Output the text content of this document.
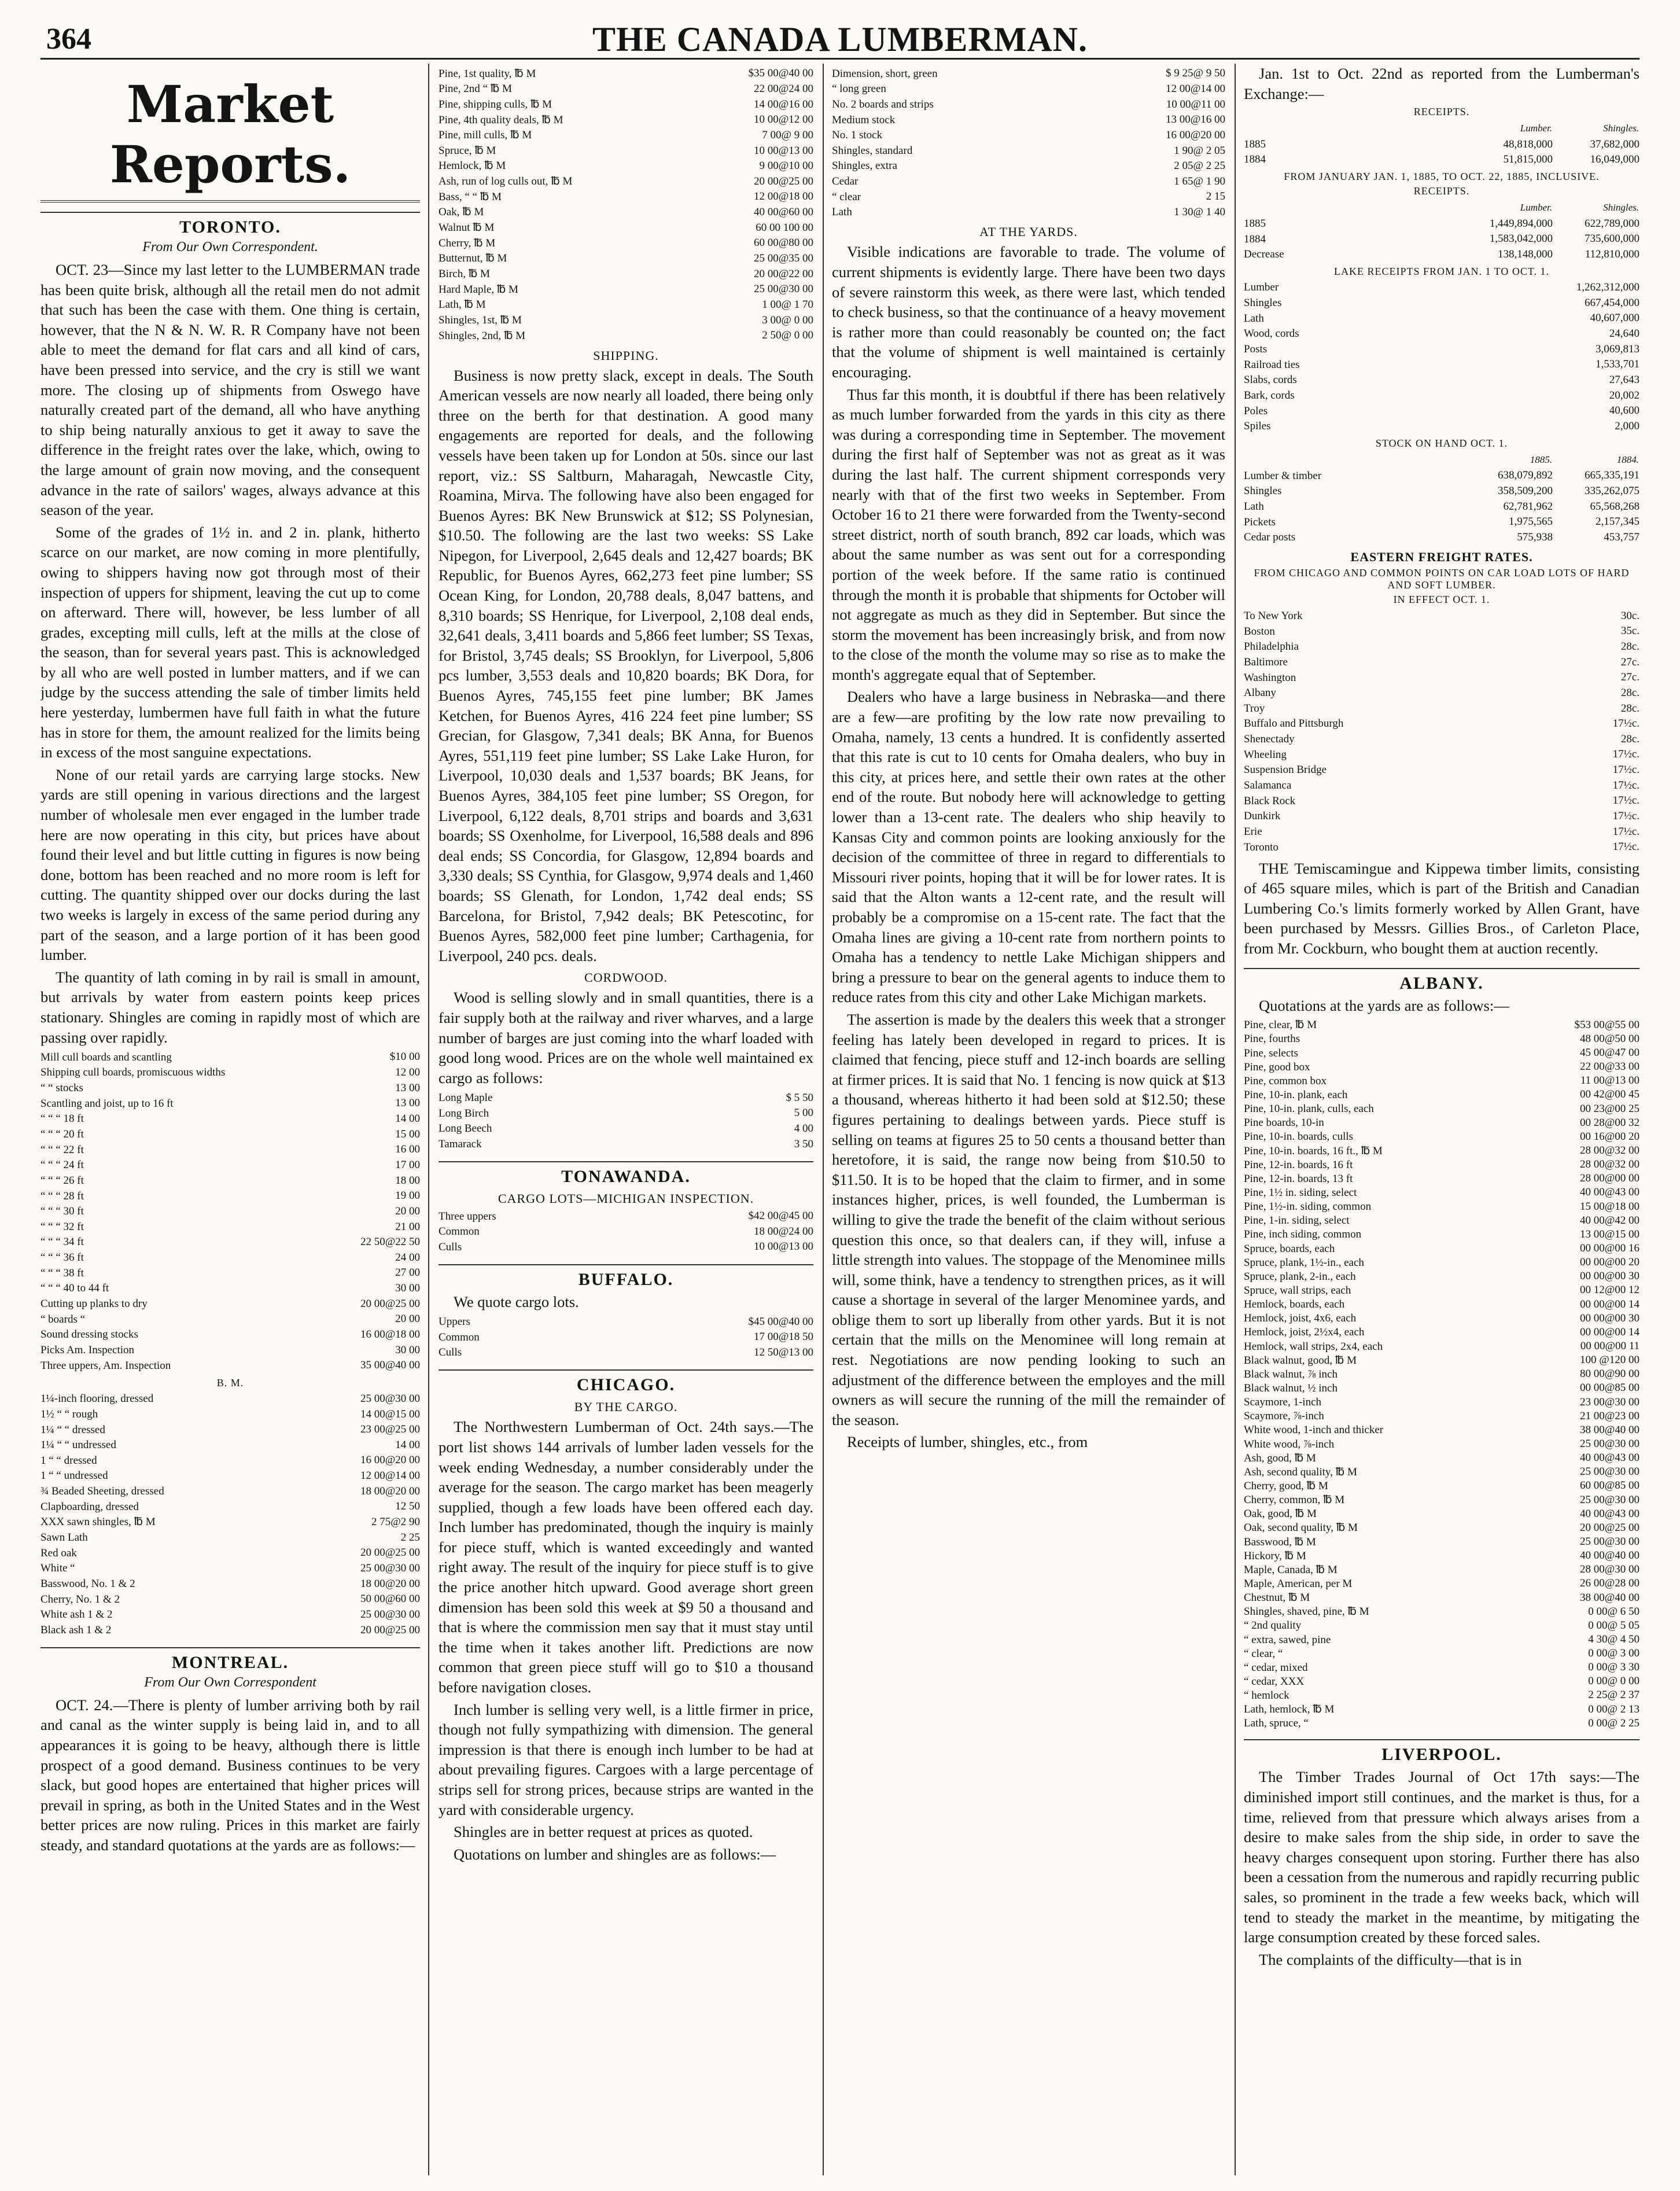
364	THE CANADA LUMBERMAN.
Market Reports.
TORONTO.
From Our Own Correspondent.

OCT. 23—Since my last letter to the LUMBERMAN trade has been quite brisk, although all the retail men do not admit that such has been the case with them. One thing is certain, however, that the N & N. W. R. R Company have not been able to meet the demand for flat cars and all kind of cars, have been pressed into service, and the cry is still we want more. The closing up of shipments from Oswego have naturally created part of the demand, all who have anything to ship being naturally anxious to get it away to save the difference in the freight rates over the lake, which, owing to the large amount of grain now moving, and the consequent advance in the rate of sailors' wages, always advance at this season of the year.

Some of the grades of 1½ in. and 2 in. plank, hitherto scarce on our market, are now coming in more plentifully, owing to shippers having now got through most of their inspection of uppers for shipment, leaving the cut up to come on afterward. There will, however, be less lumber of all grades, excepting mill culls, left at the mills at the close of the season, than for several years past. This is acknowledged by all who are well posted in lumber matters, and if we can judge by the success attending the sale of timber limits held here yesterday, lumbermen have full faith in what the future has in store for them, the amount realized for the limits being in excess of the most sanguine expectations.

None of our retail yards are carrying large stocks. New yards are still opening in various directions and the largest number of wholesale men ever engaged in the lumber trade here are now operating in this city, but prices have about found their level and but little cutting in figures is now being done, bottom has been reached and no more room is left for cutting. The quantity shipped over our docks during the last two weeks is largely in excess of the same period during any part of the season, and a large portion of it has been good lumber.

The quantity of lath coming in by rail is small in amount, but arrivals by water from eastern points keep prices stationary. Shingles are coming in rapidly most of which are passing over rapidly.

Mill cull boards and scantling	$10 00
Shipping cull boards, promiscuous widths	12 00
“ “ stocks	13 00
Scantling and joist, up to 16 ft	13 00
“ “ “ 18 ft	14 00
“ “ “ 20 ft	15 00
“ “ “ 22 ft	16 00
“ “ “ 24 ft	17 00
“ “ “ 26 ft	18 00
“ “ “ 28 ft	19 00
“ “ “ 30 ft	20 00
“ “ “ 32 ft	21 00
“ “ “ 34 ft	22 50@22 50
“ “ “ 36 ft	24 00
“ “ “ 38 ft	27 00
“ “ “ 40 to 44 ft	30 00
Cutting up planks to dry	20 00@25 00
“ boards “	20 00
Sound dressing stocks	16 00@18 00
Picks Am. Inspection	30 00
Three uppers, Am. Inspection	35 00@40 00
B. M.
1¼-inch flooring, dressed	25 00@30 00
1½ “ “ rough	14 00@15 00
1¼ “ “ dressed	23 00@25 00
1¼ “ “ undressed	14 00
1 “ “ dressed	16 00@20 00
1 “ “ undressed	12 00@14 00
¾ Beaded Sheeting, dressed	18 00@20 00
Clapboarding, dressed	12 50
XXX sawn shingles, ℔ M	2 75@2 90
Sawn Lath	2 25
Red oak	20 00@25 00
White “	25 00@30 00
Basswood, No. 1 & 2	18 00@20 00
Cherry, No. 1 & 2	50 00@60 00
White ash 1 & 2	25 00@30 00
Black ash 1 & 2	20 00@25 00
MONTREAL.
From Our Own Correspondent

OCT. 24.—There is plenty of lumber arriving both by rail and canal as the winter supply is being laid in, and to all appearances it is going to be heavy, although there is little prospect of a good demand. Business continues to be very slack, but good hopes are entertained that higher prices will prevail in spring, as both in the United States and in the West better prices are now ruling. Prices in this market are fairly steady, and standard quotations at the yards are as follows:—

Pine, 1st quality, ℔ M	$35 00@40 00
Pine, 2nd “ ℔ M	22 00@24 00
Pine, shipping culls, ℔ M	14 00@16 00
Pine, 4th quality deals, ℔ M	10 00@12 00
Pine, mill culls, ℔ M	7 00@ 9 00
Spruce, ℔ M	10 00@13 00
Hemlock, ℔ M	9 00@10 00
Ash, run of log culls out, ℔ M	20 00@25 00
Bass, “ “ ℔ M	12 00@18 00
Oak, ℔ M	40 00@60 00
Walnut ℔ M	60 00 100 00
Cherry, ℔ M	60 00@80 00
Butternut, ℔ M	25 00@35 00
Birch, ℔ M	20 00@22 00
Hard Maple, ℔ M	25 00@30 00
Lath, ℔ M	1 00@ 1 70
Shingles, 1st, ℔ M	3 00@ 0 00
Shingles, 2nd, ℔ M	2 50@ 0 00
SHIPPING.

Business is now pretty slack, except in deals. The South American vessels are now nearly all loaded, there being only three on the berth for that destination. A good many engagements are reported for deals, and the following vessels have been taken up for London at 50s. since our last report, viz.: SS Saltburn, Maharagah, Newcastle City, Roamina, Mirva. The following have also been engaged for Buenos Ayres: BK New Brunswick at $12; SS Polynesian, $10.50. The following are the last two weeks: SS Lake Nipegon, for Liverpool, 2,645 deals and 12,427 boards; BK Republic, for Buenos Ayres, 662,273 feet pine lumber; SS Ocean King, for London, 20,788 deals, 8,047 battens, and 8,310 boards; SS Henrique, for Liverpool, 2,108 deal ends, 32,641 deals, 3,411 boards and 5,866 feet lumber; SS Texas, for Bristol, 3,745 deals; SS Brooklyn, for Liverpool, 5,806 pcs lumber, 3,553 deals and 10,820 boards; BK Dora, for Buenos Ayres, 745,155 feet pine lumber; BK James Ketchen, for Buenos Ayres, 416 224 feet pine lumber; SS Grecian, for Glasgow, 7,341 deals; BK Anna, for Buenos Ayres, 551,119 feet pine lumber; SS Lake Lake Huron, for Liverpool, 10,030 deals and 1,537 boards; BK Jeans, for Buenos Ayres, 384,105 feet pine lumber; SS Oregon, for Liverpool, 6,122 deals, 8,701 strips and boards and 3,631 boards; SS Oxenholme, for Liverpool, 16,588 deals and 896 deal ends; SS Concordia, for Glasgow, 12,894 boards and 3,330 deals; SS Cynthia, for Glasgow, 9,974 deals and 1,460 boards; SS Glenath, for London, 1,742 deal ends; SS Barcelona, for Bristol, 7,942 deals; BK Petescotinc, for Buenos Ayres, 582,000 feet pine lumber; Carthagenia, for Liverpool, 240 pcs. deals.

CORDWOOD.

Wood is selling slowly and in small quantities, there is a fair supply both at the railway and river wharves, and a large number of barges are just coming into the wharf loaded with good long wood. Prices are on the whole well maintained ex cargo as follows:

Long Maple	$ 5 50
Long Birch	5 00
Long Beech	4 00
Tamarack	3 50
TONAWANDA.
CARGO LOTS—MICHIGAN INSPECTION.
Three uppers	$42 00@45 00
Common	18 00@24 00
Culls	10 00@13 00
BUFFALO.

We quote cargo lots.

Uppers	$45 00@40 00
Common	17 00@18 50
Culls	12 50@13 00
CHICAGO.
BY THE CARGO.

The Northwestern Lumberman of Oct. 24th says.—The port list shows 144 arrivals of lumber laden vessels for the week ending Wednesday, a number considerably under the average for the season. The cargo market has been meagerly supplied, though a few loads have been offered each day. Inch lumber has predominated, though the inquiry is mainly for piece stuff, which is wanted exceedingly and wanted right away. The result of the inquiry for piece stuff is to give the price another hitch upward. Good average short green dimension has been sold this week at $9 50 a thousand and that is where the commission men say that it must stay until the time when it takes another lift. Predictions are now common that green piece stuff will go to $10 a thousand before navigation closes.

Inch lumber is selling very well, is a little firmer in price, though not fully sympathizing with dimension. The general impression is that there is enough inch lumber to be had at about prevailing figures. Cargoes with a large percentage of strips sell for strong prices, because strips are wanted in the yard with considerable urgency.

Shingles are in better request at prices as quoted.

Quotations on lumber and shingles are as follows:—

Dimension, short, green	$ 9 25@ 9 50
“ long green	12 00@14 00
No. 2 boards and strips	10 00@11 00
Medium stock	13 00@16 00
No. 1 stock	16 00@20 00
Shingles, standard	1 90@ 2 05
Shingles, extra	2 05@ 2 25
Cedar	1 65@ 1 90
“ clear	2 15
Lath	1 30@ 1 40
AT THE YARDS.

Visible indications are favorable to trade. The volume of current shipments is evidently large. There have been two days of severe rainstorm this week, as there were last, which tended to check business, so that the continuance of a heavy movement is rather more than could reasonably be counted on; the fact that the volume of shipment is well maintained is certainly encouraging.

Thus far this month, it is doubtful if there has been relatively as much lumber forwarded from the yards in this city as there was during a corresponding time in September. The movement during the first half of September was not as great as it was during the last half. The current shipment corresponds very nearly with that of the first two weeks in September. From October 16 to 21 there were forwarded from the Twenty-second street district, north of south branch, 892 car loads, which was about the same number as was sent out for a corresponding portion of the week before. If the same ratio is continued through the month it is probable that shipments for October will not aggregate as much as they did in September. But since the storm the movement has been increasingly brisk, and from now to the close of the month the volume may so rise as to make the month's aggregate equal that of September.

Dealers who have a large business in Nebraska—and there are a few—are profiting by the low rate now prevailing to Omaha, namely, 13 cents a hundred. It is confidently asserted that this rate is cut to 10 cents for Omaha dealers, who buy in this city, at prices here, and settle their own rates at the other end of the route. But nobody here will acknowledge to getting lower than a 13-cent rate. The dealers who ship heavily to Kansas City and common points are looking anxiously for the decision of the committee of three in regard to differentials to Missouri river points, hoping that it will be for lower rates. It is said that the Alton wants a 12-cent rate, and the result will probably be a compromise on a 15-cent rate. The fact that the Omaha lines are giving a 10-cent rate from northern points to Omaha has a tendency to nettle Lake Michigan shippers and bring a pressure to bear on the general agents to induce them to reduce rates from this city and other Lake Michigan markets.

The assertion is made by the dealers this week that a stronger feeling has lately been developed in regard to prices. It is claimed that fencing, piece stuff and 12-inch boards are selling at firmer prices. It is said that No. 1 fencing is now quick at $13 a thousand, whereas hitherto it had been sold at $12.50; these figures pertaining to dealings between yards. Piece stuff is selling on teams at figures 25 to 50 cents a thousand better than heretofore, it is said, the range now being from $10.50 to $11.50. It is to be hoped that the claim to firmer, and in some instances higher, prices, is well founded, the Lumberman is willing to give the trade the benefit of the claim without serious question this once, so that dealers can, if they will, infuse a little strength into values. The stoppage of the Menominee mills will, some think, have a tendency to strengthen prices, as it will cause a shortage in several of the larger Menominee yards, and oblige them to sort up liberally from other yards. But it is not certain that the mills on the Menominee will long remain at rest. Negotiations are now pending looking to such an adjustment of the difference between the employes and the mill owners as will secure the running of the mill the remainder of the season.

Receipts of lumber, shingles, etc., from

Jan. 1st to Oct. 22nd as reported from the Lumberman's Exchange:—

RECEIPTS.
	Lumber.	Shingles.
1885	48,818,000	37,682,000
1884	51,815,000	16,049,000
FROM JANUARY JAN. 1, 1885, TO OCT. 22, 1885, INCLUSIVE.
RECEIPTS.
	Lumber.	Shingles.
1885	1,449,894,000	622,789,000
1884	1,583,042,000	735,600,000
Decrease	138,148,000	112,810,000
LAKE RECEIPTS FROM JAN. 1 TO OCT. 1.
Lumber	1,262,312,000
Shingles	667,454,000
Lath	40,607,000
Wood, cords	24,640
Posts	3,069,813
Railroad ties	1,533,701
Slabs, cords	27,643
Bark, cords	20,002
Poles	40,600
Spiles	2,000
STOCK ON HAND OCT. 1.
	1885.	1884.
Lumber & timber	638,079,892	665,335,191
Shingles	358,509,200	335,262,075
Lath	62,781,962	65,568,268
Pickets	1,975,565	2,157,345
Cedar posts	575,938	453,757
EASTERN FREIGHT RATES.
FROM CHICAGO AND COMMON POINTS ON CAR LOAD LOTS OF HARD AND SOFT LUMBER.
IN EFFECT OCT. 1.
To New York	30c.
Boston	35c.
Philadelphia	28c.
Baltimore	27c.
Washington	27c.
Albany	28c.
Troy	28c.
Buffalo and Pittsburgh	17½c.
Shenectady	28c.
Wheeling	17½c.
Suspension Bridge	17½c.
Salamanca	17½c.
Black Rock	17½c.
Dunkirk	17½c.
Erie	17½c.
Toronto	17½c.

THE Temiscamingue and Kippewa timber limits, consisting of 465 square miles, which is part of the British and Canadian Lumbering Co.'s limits formerly worked by Allen Grant, have been purchased by Messrs. Gillies Bros., of Carleton Place, from Mr. Cockburn, who bought them at auction recently.

ALBANY.

Quotations at the yards are as follows:—

Pine, clear, ℔ M	$53 00@55 00
Pine, fourths	48 00@50 00
Pine, selects	45 00@47 00
Pine, good box	22 00@33 00
Pine, common box	11 00@13 00
Pine, 10-in. plank, each	00 42@00 45
Pine, 10-in. plank, culls, each	00 23@00 25
Pine boards, 10-in	00 28@00 32
Pine, 10-in. boards, culls	00 16@00 20
Pine, 10-in. boards, 16 ft., ℔ M	28 00@32 00
Pine, 12-in. boards, 16 ft	28 00@32 00
Pine, 12-in. boards, 13 ft	28 00@00 00
Pine, 1½ in. siding, select	40 00@43 00
Pine, 1½-in. siding, common	15 00@18 00
Pine, 1-in. siding, select	40 00@42 00
Pine, inch siding, common	13 00@15 00
Spruce, boards, each	00 00@00 16
Spruce, plank, 1½-in., each	00 00@00 20
Spruce, plank, 2-in., each	00 00@00 30
Spruce, wall strips, each	00 12@00 12
Hemlock, boards, each	00 00@00 14
Hemlock, joist, 4x6, each	00 00@00 30
Hemlock, joist, 2½x4, each	00 00@00 14
Hemlock, wall strips, 2x4, each	00 00@00 11
Black walnut, good, ℔ M	100 @120 00
Black walnut, ⅞ inch	80 00@90 00
Black walnut, ½ inch	00 00@85 00
Scaymore, 1-inch	23 00@30 00
Scaymore, ⅞-inch	21 00@23 00
White wood, 1-inch and thicker	38 00@40 00
White wood, ⅞-inch	25 00@30 00
Ash, good, ℔ M	40 00@43 00
Ash, second quality, ℔ M	25 00@30 00
Cherry, good, ℔ M	60 00@85 00
Cherry, common, ℔ M	25 00@30 00
Oak, good, ℔ M	40 00@43 00
Oak, second quality, ℔ M	20 00@25 00
Basswood, ℔ M	25 00@30 00
Hickory, ℔ M	40 00@40 00
Maple, Canada, ℔ M	28 00@30 00
Maple, American, per M	26 00@28 00
Chestnut, ℔ M	38 00@40 00
Shingles, shaved, pine, ℔ M	0 00@ 6 50
“ 2nd quality	0 00@ 5 05
“ extra, sawed, pine	4 30@ 4 50
“ clear, “	0 00@ 3 00
“ cedar, mixed	0 00@ 3 30
“ cedar, XXX	0 00@ 0 00
“ hemlock	2 25@ 2 37
Lath, hemlock, ℔ M	0 00@ 2 13
Lath, spruce, “	0 00@ 2 25
LIVERPOOL.

The Timber Trades Journal of Oct 17th says:—The diminished import still continues, and the market is thus, for a time, relieved from that pressure which always arises from a desire to make sales from the ship side, in order to save the heavy charges consequent upon storing. Further there has also been a cessation from the numerous and rapidly recurring public sales, so prominent in the trade a few weeks back, which will tend to steady the market in the meantime, by mitigating the large consumption created by these forced sales.

The complaints of the difficulty—that is in
